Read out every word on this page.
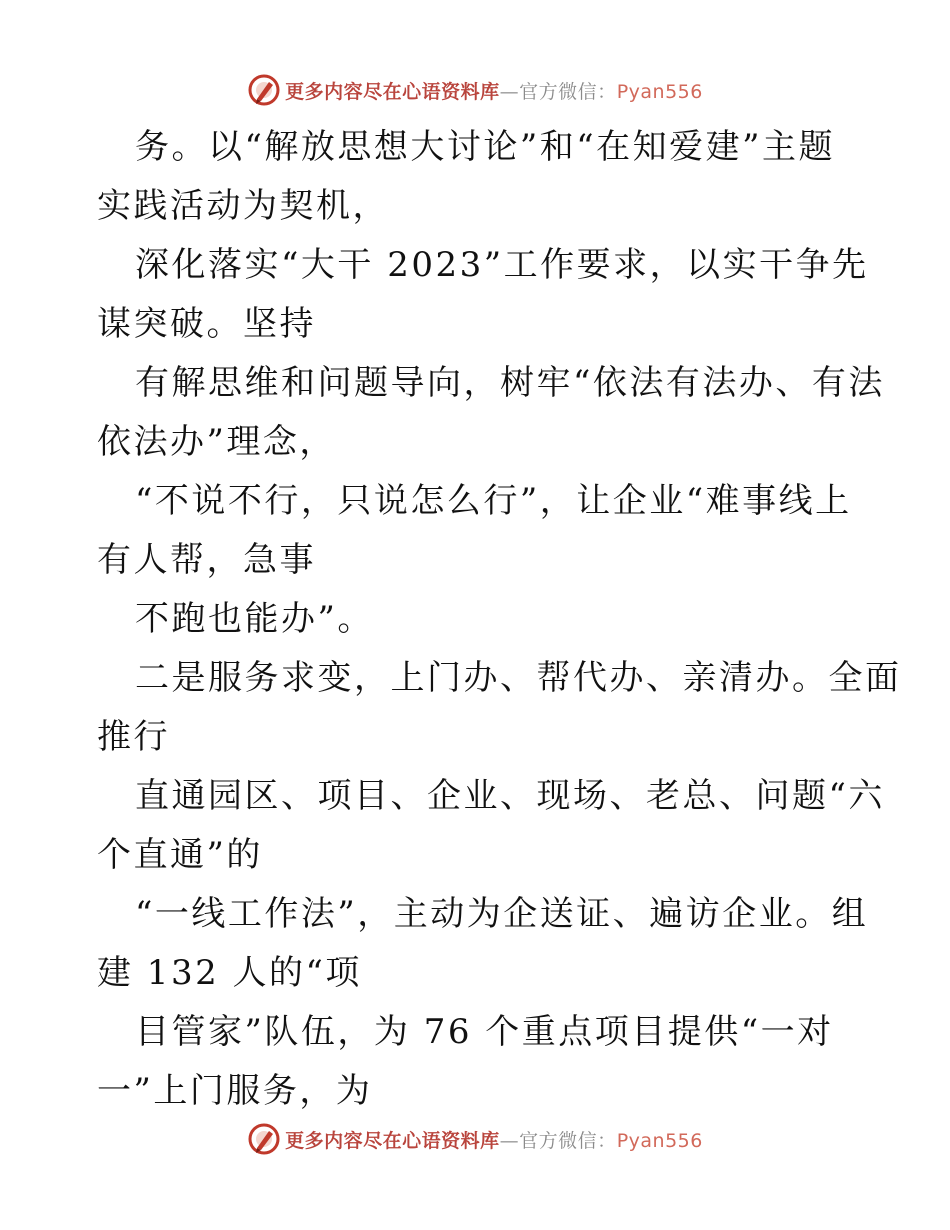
更多内容尽在心语资料库—官方微信：Pyan556

务。以“解放思想大讨论”和“在知爱建”主题

实践活动为契机，

深化落实“大干 2023”工作要求，以实干争先

谋突破。坚持

有解思维和问题导向，树牢“依法有法办、有法

依法办”理念，

“不说不行，只说怎么行”，让企业“难事线上

有人帮，急事

不跑也能办”。

二是服务求变，上门办、帮代办、亲清办。全面

推行

直通园区、项目、企业、现场、老总、问题“六

个直通”的

“一线工作法”，主动为企送证、遍访企业。组

建 132 人的“项

目管家”队伍，为 76 个重点项目提供“一对

一”上门服务，为

更多内容尽在心语资料库—官方微信：Pyan556
